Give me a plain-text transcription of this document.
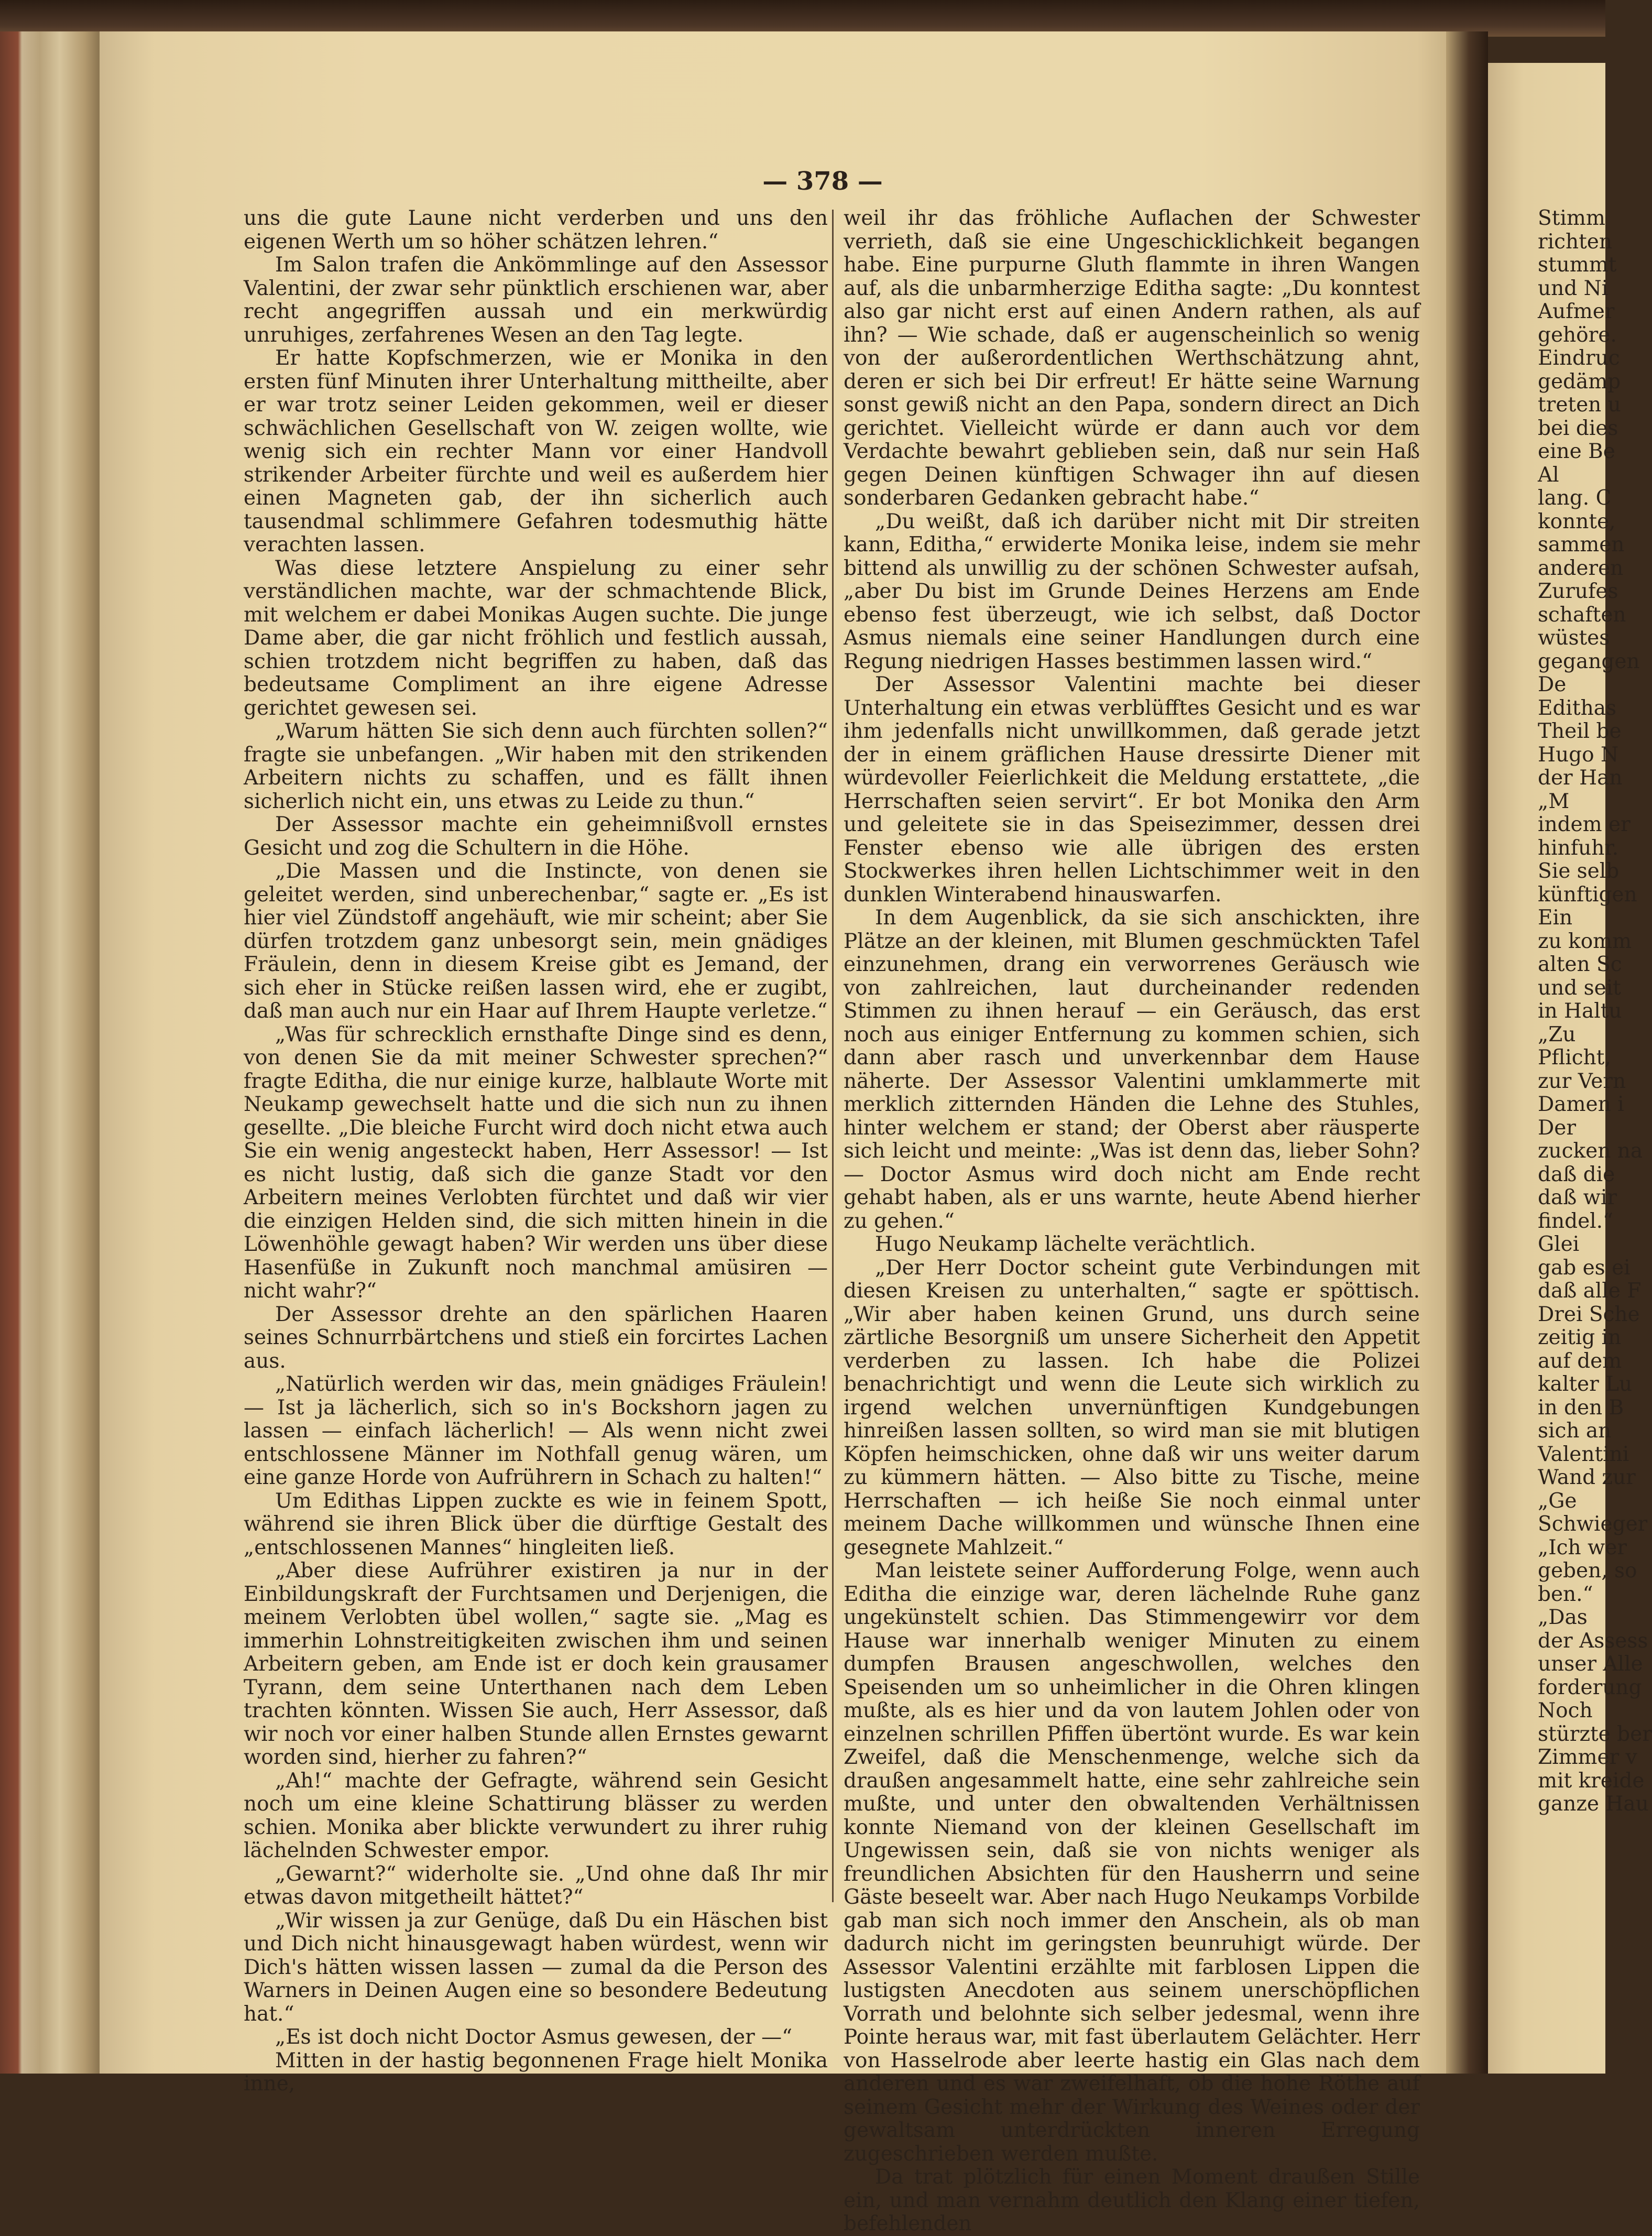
— 378 —

uns die gute Laune nicht verderben und uns den eigenen Werth um so höher schätzen lehren.“

Im Salon trafen die Ankömmlinge auf den Assessor Valentini, der zwar sehr pünktlich erschienen war, aber recht angegriffen aussah und ein merkwürdig unruhiges, zerfahrenes Wesen an den Tag legte.

Er hatte Kopfschmerzen, wie er Monika in den ersten fünf Minuten ihrer Unterhaltung mittheilte, aber er war trotz seiner Leiden gekommen, weil er dieser schwächlichen Gesellschaft von W. zeigen wollte, wie wenig sich ein rechter Mann vor einer Handvoll strikender Arbeiter fürchte und weil es außerdem hier einen Magneten gab, der ihn sicherlich auch tausendmal schlimmere Gefahren todesmuthig hätte verachten lassen.

Was diese letztere Anspielung zu einer sehr verständlichen machte, war der schmachtende Blick, mit welchem er dabei Monikas Augen suchte. Die junge Dame aber, die gar nicht fröhlich und festlich aussah, schien trotzdem nicht begriffen zu haben, daß das bedeutsame Compliment an ihre eigene Adresse gerichtet gewesen sei.

„Warum hätten Sie sich denn auch fürchten sollen?“ fragte sie unbefangen. „Wir haben mit den strikenden Arbeitern nichts zu schaffen, und es fällt ihnen sicherlich nicht ein, uns etwas zu Leide zu thun.“

Der Assessor machte ein geheimnißvoll ernstes Gesicht und zog die Schultern in die Höhe.

„Die Massen und die Instincte, von denen sie geleitet werden, sind unberechenbar,“ sagte er. „Es ist hier viel Zündstoff angehäuft, wie mir scheint; aber Sie dürfen trotzdem ganz unbesorgt sein, mein gnädiges Fräulein, denn in diesem Kreise gibt es Jemand, der sich eher in Stücke reißen lassen wird, ehe er zugibt, daß man auch nur ein Haar auf Ihrem Haupte verletze.“

„Was für schrecklich ernsthafte Dinge sind es denn, von denen Sie da mit meiner Schwester sprechen?“ fragte Editha, die nur einige kurze, halblaute Worte mit Neukamp gewechselt hatte und die sich nun zu ihnen gesellte. „Die bleiche Furcht wird doch nicht etwa auch Sie ein wenig angesteckt haben, Herr Assessor! — Ist es nicht lustig, daß sich die ganze Stadt vor den Arbeitern meines Verlobten fürchtet und daß wir vier die einzigen Helden sind, die sich mitten hinein in die Löwenhöhle gewagt haben? Wir werden uns über diese Hasenfüße in Zukunft noch manchmal amüsiren — nicht wahr?“

Der Assessor drehte an den spärlichen Haaren seines Schnurrbärtchens und stieß ein forcirtes Lachen aus.

„Natürlich werden wir das, mein gnädiges Fräulein! — Ist ja lächerlich, sich so in's Bockshorn jagen zu lassen — einfach lächerlich! — Als wenn nicht zwei entschlossene Männer im Nothfall genug wären, um eine ganze Horde von Aufrührern in Schach zu halten!“

Um Edithas Lippen zuckte es wie in feinem Spott, während sie ihren Blick über die dürftige Gestalt des „entschlossenen Mannes“ hingleiten ließ.

„Aber diese Aufrührer existiren ja nur in der Einbildungskraft der Furchtsamen und Derjenigen, die meinem Verlobten übel wollen,“ sagte sie. „Mag es immerhin Lohnstreitigkeiten zwischen ihm und seinen Arbeitern geben, am Ende ist er doch kein grausamer Tyrann, dem seine Unterthanen nach dem Leben trachten könnten. Wissen Sie auch, Herr Assessor, daß wir noch vor einer halben Stunde allen Ernstes gewarnt worden sind, hierher zu fahren?“

„Ah!“ machte der Gefragte, während sein Gesicht noch um eine kleine Schattirung blässer zu werden schien. Monika aber blickte verwundert zu ihrer ruhig lächelnden Schwester empor.

„Gewarnt?“ widerholte sie. „Und ohne daß Ihr mir etwas davon mitgetheilt hättet?“

„Wir wissen ja zur Genüge, daß Du ein Häschen bist und Dich nicht hinausgewagt haben würdest, wenn wir Dich's hätten wissen lassen — zumal da die Person des Warners in Deinen Augen eine so besondere Bedeutung hat.“

„Es ist doch nicht Doctor Asmus gewesen, der —“

Mitten in der hastig begonnenen Frage hielt Monika inne,

weil ihr das fröhliche Auflachen der Schwester verrieth, daß sie eine Ungeschicklichkeit begangen habe. Eine purpurne Gluth flammte in ihren Wangen auf, als die unbarmherzige Editha sagte: „Du konntest also gar nicht erst auf einen Andern rathen, als auf ihn? — Wie schade, daß er augenscheinlich so wenig von der außerordentlichen Werthschätzung ahnt, deren er sich bei Dir erfreut! Er hätte seine Warnung sonst gewiß nicht an den Papa, sondern direct an Dich gerichtet. Vielleicht würde er dann auch vor dem Verdachte bewahrt geblieben sein, daß nur sein Haß gegen Deinen künftigen Schwager ihn auf diesen sonderbaren Gedanken gebracht habe.“

„Du weißt, daß ich darüber nicht mit Dir streiten kann, Editha,“ erwiderte Monika leise, indem sie mehr bittend als unwillig zu der schönen Schwester aufsah, „aber Du bist im Grunde Deines Herzens am Ende ebenso fest überzeugt, wie ich selbst, daß Doctor Asmus niemals eine seiner Handlungen durch eine Regung niedrigen Hasses bestimmen lassen wird.“

Der Assessor Valentini machte bei dieser Unterhaltung ein etwas verblüfftes Gesicht und es war ihm jedenfalls nicht unwillkommen, daß gerade jetzt der in einem gräflichen Hause dressirte Diener mit würdevoller Feierlichkeit die Meldung erstattete, „die Herrschaften seien servirt“. Er bot Monika den Arm und geleitete sie in das Speisezimmer, dessen drei Fenster ebenso wie alle übrigen des ersten Stockwerkes ihren hellen Lichtschimmer weit in den dunklen Winterabend hinauswarfen.

In dem Augenblick, da sie sich anschickten, ihre Plätze an der kleinen, mit Blumen geschmückten Tafel einzunehmen, drang ein verworrenes Geräusch wie von zahlreichen, laut durcheinander redenden Stimmen zu ihnen herauf — ein Geräusch, das erst noch aus einiger Entfernung zu kommen schien, sich dann aber rasch und unverkennbar dem Hause näherte. Der Assessor Valentini umklammerte mit merklich zitternden Händen die Lehne des Stuhles, hinter welchem er stand; der Oberst aber räusperte sich leicht und meinte: „Was ist denn das, lieber Sohn? — Doctor Asmus wird doch nicht am Ende recht gehabt haben, als er uns warnte, heute Abend hierher zu gehen.“

Hugo Neukamp lächelte verächtlich.

„Der Herr Doctor scheint gute Verbindungen mit diesen Kreisen zu unterhalten,“ sagte er spöttisch. „Wir aber haben keinen Grund, uns durch seine zärtliche Besorgniß um unsere Sicherheit den Appetit verderben zu lassen. Ich habe die Polizei benachrichtigt und wenn die Leute sich wirklich zu irgend welchen unvernünftigen Kundgebungen hinreißen lassen sollten, so wird man sie mit blutigen Köpfen heimschicken, ohne daß wir uns weiter darum zu kümmern hätten. — Also bitte zu Tische, meine Herrschaften — ich heiße Sie noch einmal unter meinem Dache willkommen und wünsche Ihnen eine gesegnete Mahlzeit.“

Man leistete seiner Aufforderung Folge, wenn auch Editha die einzige war, deren lächelnde Ruhe ganz ungekünstelt schien. Das Stimmengewirr vor dem Hause war innerhalb weniger Minuten zu einem dumpfen Brausen angeschwollen, welches den Speisenden um so unheimlicher in die Ohren klingen mußte, als es hier und da von lautem Johlen oder von einzelnen schrillen Pfiffen übertönt wurde. Es war kein Zweifel, daß die Menschenmenge, welche sich da draußen angesammelt hatte, eine sehr zahlreiche sein mußte, und unter den obwaltenden Verhältnissen konnte Niemand von der kleinen Gesellschaft im Ungewissen sein, daß sie von nichts weniger als freundlichen Absichten für den Hausherrn und seine Gäste beseelt war. Aber nach Hugo Neukamps Vorbilde gab man sich noch immer den Anschein, als ob man dadurch nicht im geringsten beunruhigt würde. Der Assessor Valentini erzählte mit farblosen Lippen die lustigsten Anecdoten aus seinem unerschöpflichen Vorrath und belohnte sich selber jedesmal, wenn ihre Pointe heraus war, mit fast überlautem Gelächter. Herr von Hasselrode aber leerte hastig ein Glas nach dem anderen und es war zweifelhaft, ob die hohe Röthe auf seinem Gesicht mehr der Wirkung des Weines oder der gewaltsam unterdrückten inneren Erregung zugeschrieben werden mußte.

Da trat plötzlich für einen Moment draußen Stille ein, und man vernahm deutlich den Klang einer tiefen, befehlenden

Stimm
richten
stummt
und Ni
Aufmer
gehöre.
Eindruc
gedämp
treten u
bei dies
eine Be
Al
lang. C
konnte,
sammen
anderen
Zurufes
schaften
wüstes
gegangen
De
Edithas
Theil be
Hugo N
der Han
„M
indem er
hinfuhr.
Sie selb
künftigen
Ein
zu komm
alten Sc
und seit
in Haltu
„Zu
Pflicht,
zur Vern
Damen i
Der
zucken na
daß die
daß wir
findel.“
Glei
gab es ei
daß alle F
Drei Sche
zeitig in
auf dem
kalter Lu
in den B
sich an
Valentini
Wand zur
„Ge
Schwieger
„Ich wer
geben, so
ben.“
„Das
der Assess
unser Alle
forderung
Noch
stürzte ber
Zimmer v
mit kreide
ganze Hau
